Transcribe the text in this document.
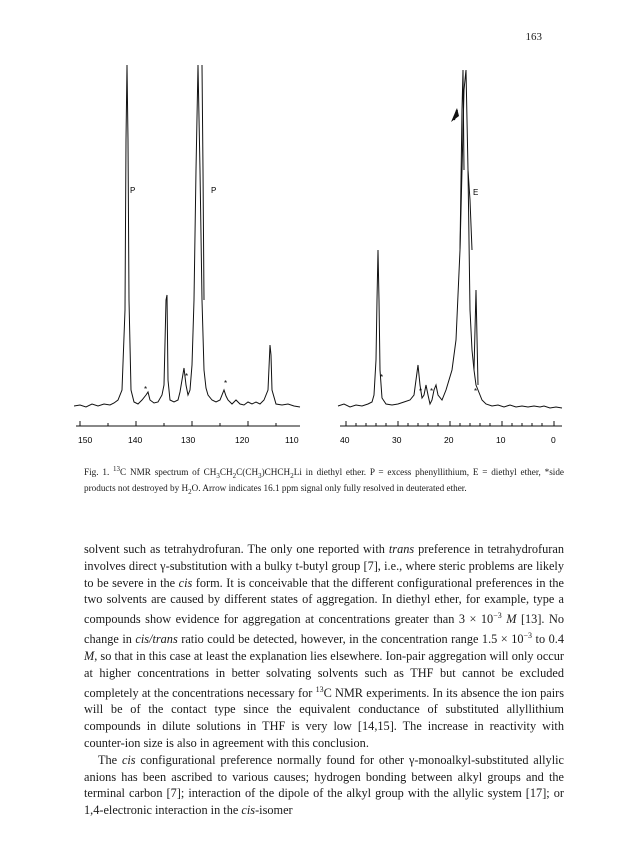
163
150	140	130	120	110
P	P
*
*
*
40	30	20	10	0
E
*
* *	*
Fig. 1. $^{13}$C NMR spectrum of $CH_3CH_2C(CH_3)CHCH_2Li$ in diethyl ether. P = excess phenyllithium, E = diethyl ether, *side products not destroyed by $H_2O$. Arrow indicates 16.1 ppm signal only fully resolved in deuterated ether.

solvent such as tetrahydrofuran. The only one reported with trans preference in tetrahydrofuran involves direct γ-substitution with a bulky t-butyl group [7], i.e., where steric problems are likely to be severe in the cis form. It is conceivable that the different configurational preferences in the two solvents are caused by different states of aggregation. In diethyl ether, for example, type a compounds show evidence for aggregation at concentrations greater than $3 \times 10^{-3}$ M [13]. No change in cis/trans ratio could be detected, however, in the concentration range $1.5 \times 10^{-3}$ to 0.4 M, so that in this case at least the explanation lies elsewhere. Ion-pair aggregation will only occur at higher concentrations in better solvating solvents such as THF but cannot be excluded completely at the concentrations necessary for $^{13}$C NMR experiments. In its absence the ion pairs will be of the contact type since the equivalent conductance of substituted allyllithium compounds in dilute solutions in THF is very low [14,15]. The increase in reactivity with counter-ion size is also in agreement with this conclusion.

The cis configurational preference normally found for other γ-monoalkyl-substituted allylic anions has been ascribed to various causes; hydrogen bonding between alkyl groups and the terminal carbon [7]; interaction of the dipole of the alkyl group with the allylic system [17]; or 1,4-electronic interaction in the cis-isomer
